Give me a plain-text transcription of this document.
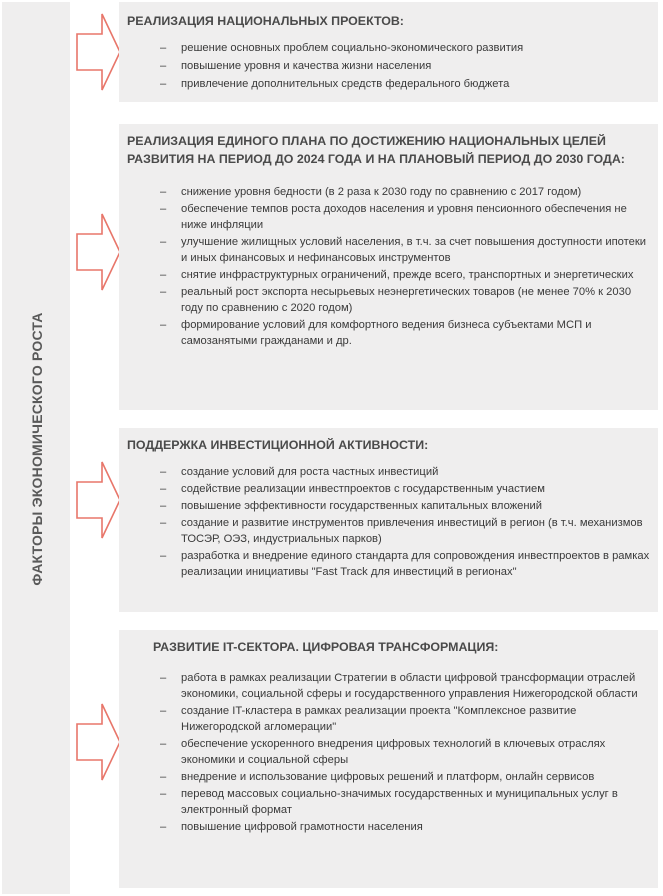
ФАКТОРЫ ЭКОНОМИЧЕСКОГО РОСТА
РЕАЛИЗАЦИЯ НАЦИОНАЛЬНЫХ ПРОЕКТОВ:
– решение основных проблем социально-экономического развития
– повышение уровня и качества жизни населения
– привлечение дополнительных средств федерального бюджета
РЕАЛИЗАЦИЯ ЕДИНОГО ПЛАНА ПО ДОСТИЖЕНИЮ НАЦИОНАЛЬНЫХ ЦЕЛЕЙ РАЗВИТИЯ НА ПЕРИОД ДО 2024 ГОДА И НА ПЛАНОВЫЙ ПЕРИОД ДО 2030 ГОДА:
– снижение уровня бедности (в 2 раза к 2030 году по сравнению с 2017 годом)
– обеспечение темпов роста доходов населения и уровня пенсионного обеспечения не ниже инфляции
– улучшение жилищных условий населения, в т.ч. за счет повышения доступности ипотеки и иных финансовых и нефинансовых инструментов
– снятие инфраструктурных ограничений, прежде всего, транспортных и энергетических
– реальный рост экспорта несырьевых неэнергетических товаров (не менее 70% к 2030 году по сравнению с 2020 годом)
– формирование условий для комфортного ведения бизнеса субъектами МСП и самозанятыми гражданами и др.
ПОДДЕРЖКА ИНВЕСТИЦИОННОЙ АКТИВНОСТИ:
– создание условий для роста частных инвестиций
– содействие реализации инвестпроектов с государственным участием
– повышение эффективности государственных капитальных вложений
– создание и развитие инструментов привлечения инвестиций в регион (в т.ч. механизмов ТОСЭР, ОЭЗ, индустриальных парков)
– разработка и внедрение единого стандарта для сопровождения инвестпроектов в рамках реализации инициативы "Fast Track для инвестиций в регионах"
РАЗВИТИЕ IT-СЕКТОРА. ЦИФРОВАЯ ТРАНСФОРМАЦИЯ:
– работа в рамках реализации Стратегии в области цифровой трансформации отраслей экономики, социальной сферы и государственного управления Нижегородской области
– создание IT-кластера в рамках реализации проекта "Комплексное развитие Нижегородской агломерации"
– обеспечение ускоренного внедрения цифровых технологий в ключевых отраслях экономики и социальной сферы
– внедрение и использование цифровых решений и платформ, онлайн сервисов
– перевод массовых социально-значимых государственных и муниципальных услуг в электронный формат
– повышение цифровой грамотности населения
